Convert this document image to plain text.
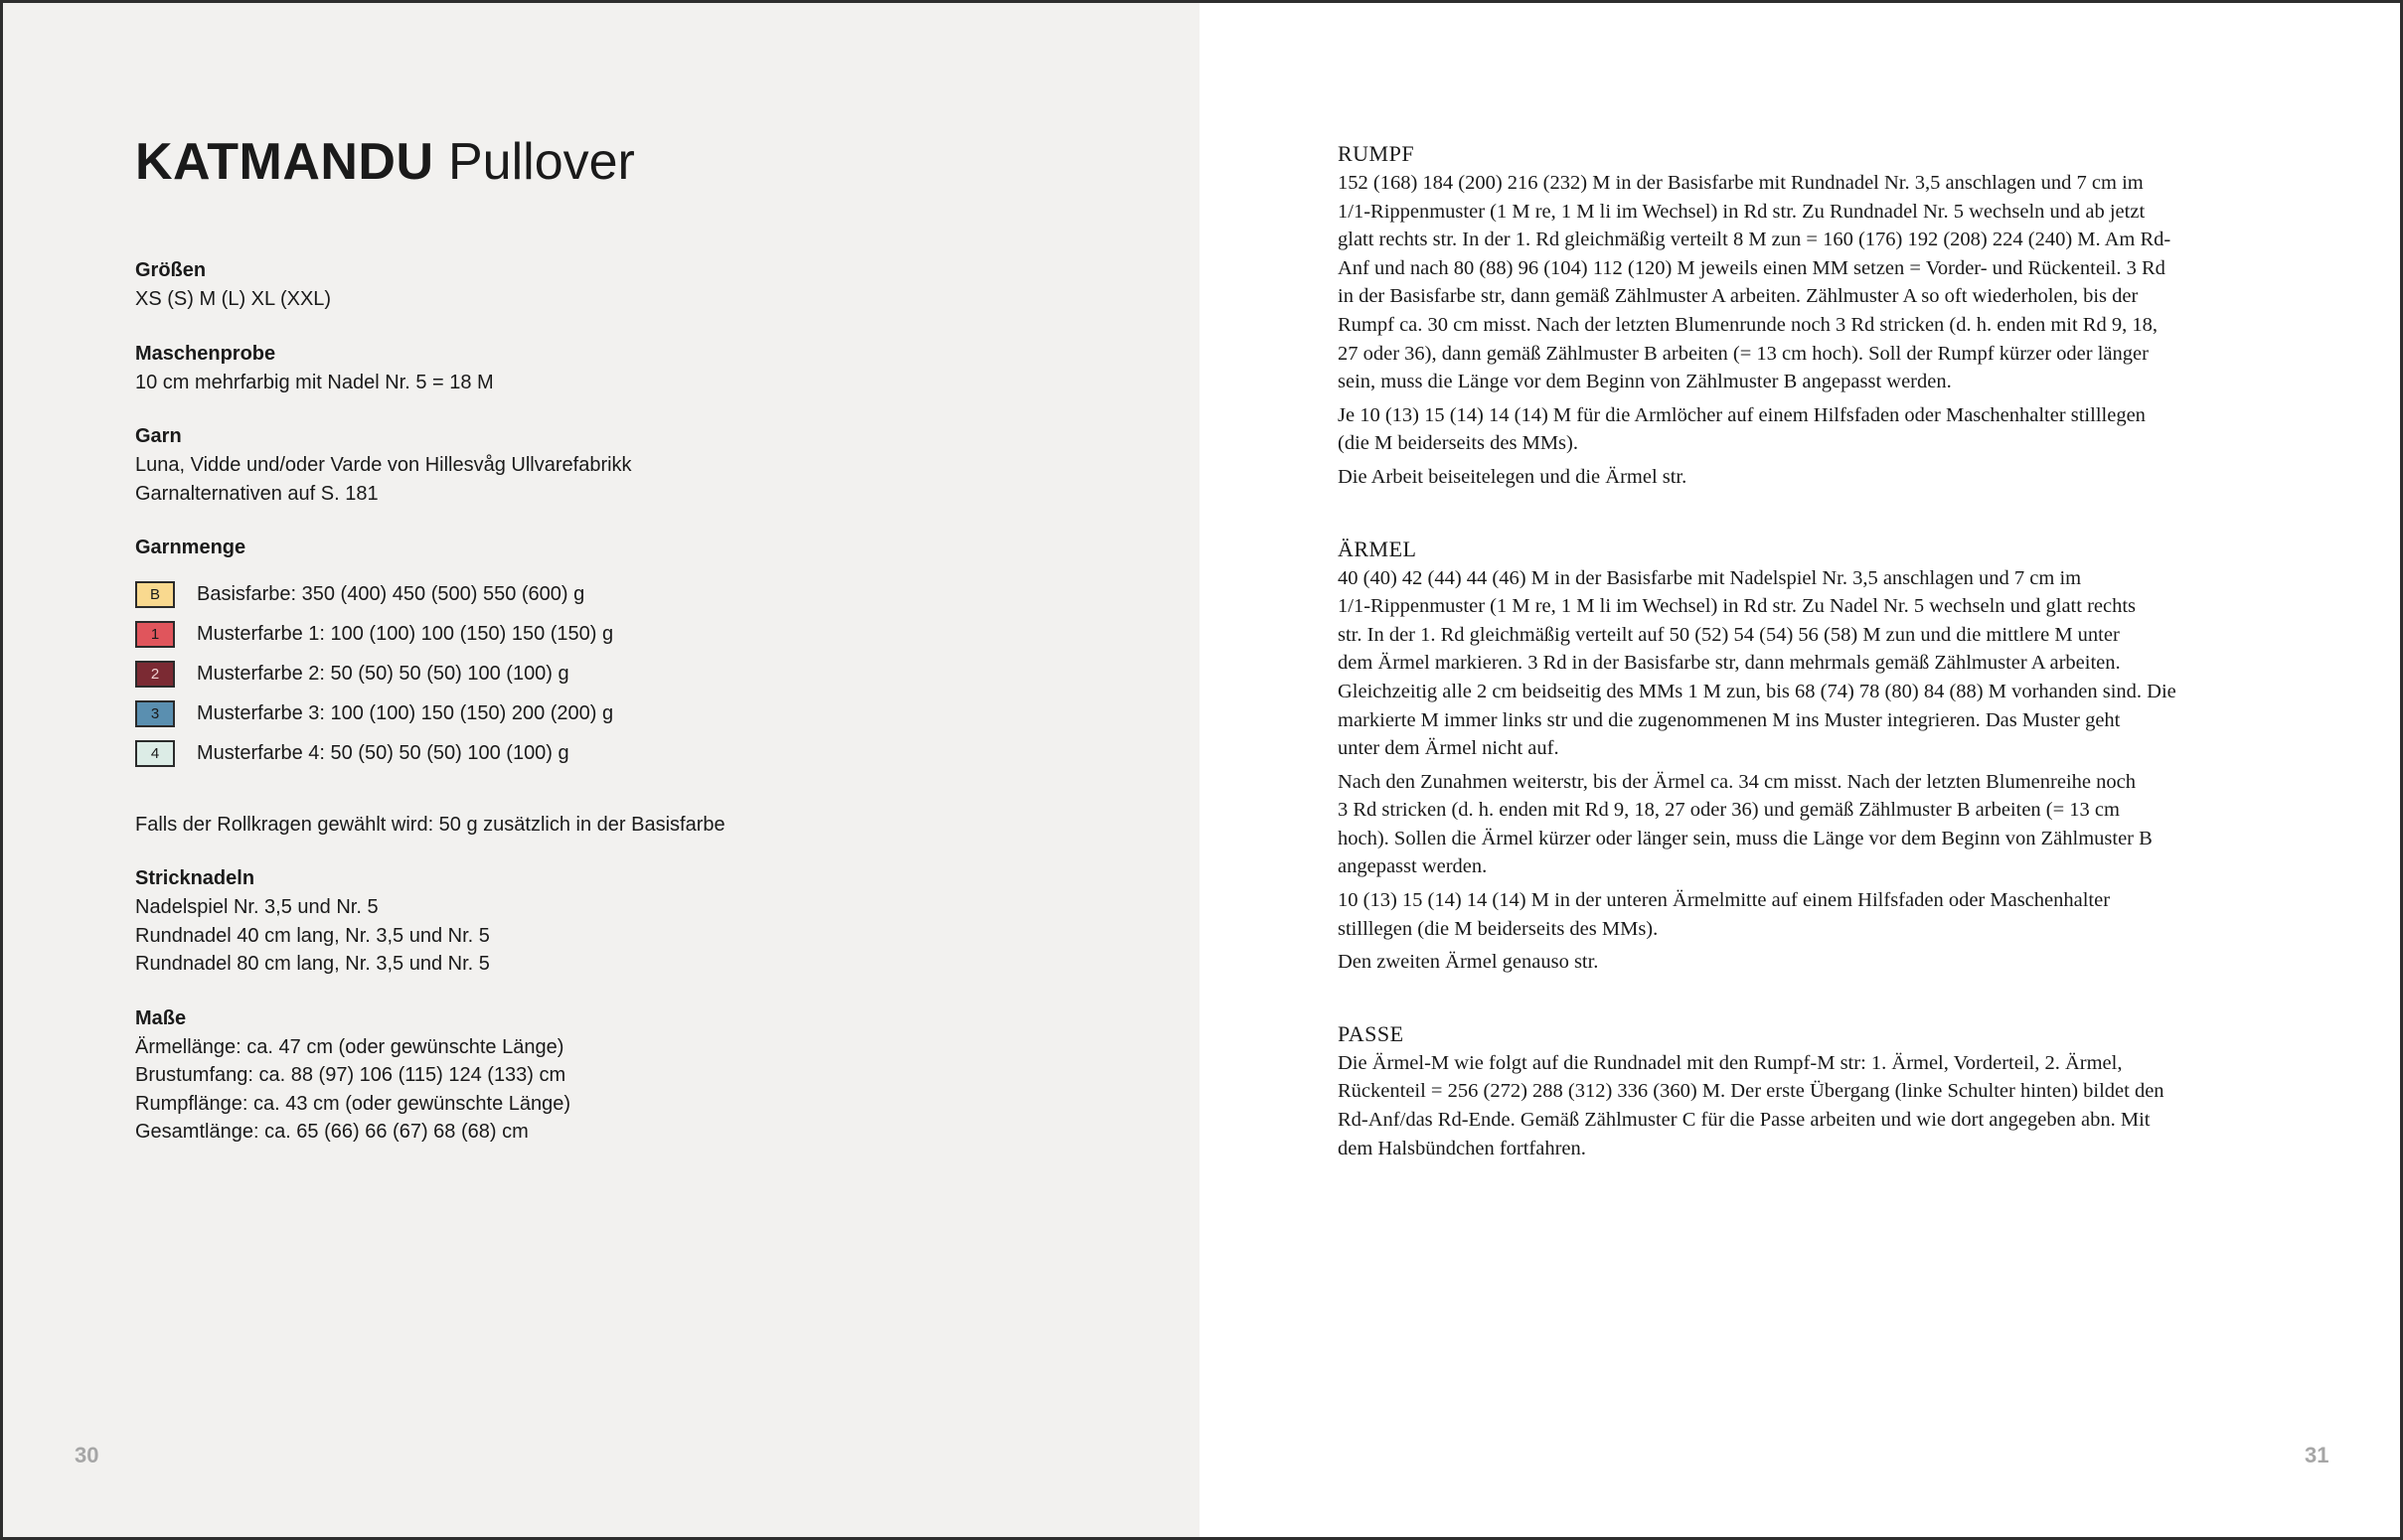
KATMANDU Pullover
Größen
XS (S) M (L) XL (XXL)
Maschenprobe
10 cm mehrfarbig mit Nadel Nr. 5 = 18 M
Garn
Luna, Vidde und/oder Varde von Hillesvåg Ullvarefabrikk
Garnalternativen auf S. 181
Garnmenge
B	Basisfarbe: 350 (400) 450 (500) 550 (600) g
1	Musterfarbe 1: 100 (100) 100 (150) 150 (150) g
2	Musterfarbe 2: 50 (50) 50 (50) 100 (100) g
3	Musterfarbe 3: 100 (100) 150 (150) 200 (200) g
4	Musterfarbe 4: 50 (50) 50 (50) 100 (100) g
Falls der Rollkragen gewählt wird: 50 g zusätzlich in der Basisfarbe
Stricknadeln
Nadelspiel Nr. 3,5 und Nr. 5
Rundnadel 40 cm lang, Nr. 3,5 und Nr. 5
Rundnadel 80 cm lang, Nr. 3,5 und Nr. 5
Maße
Ärmellänge: ca. 47 cm (oder gewünschte Länge)
Brustumfang: ca. 88 (97) 106 (115) 124 (133) cm
Rumpflänge: ca. 43 cm (oder gewünschte Länge)
Gesamtlänge: ca. 65 (66) 66 (67) 68 (68) cm
30
RUMPF

152 (168) 184 (200) 216 (232) M in der Basisfarbe mit Rundnadel Nr. 3,5 anschlagen und 7 cm im
1/1-Rippenmuster (1 M re, 1 M li im Wechsel) in Rd str. Zu Rundnadel Nr. 5 wechseln und ab jetzt
glatt rechts str. In der 1. Rd gleichmäßig verteilt 8 M zun = 160 (176) 192 (208) 224 (240) M. Am Rd-
Anf und nach 80 (88) 96 (104) 112 (120) M jeweils einen MM setzen = Vorder- und Rückenteil. 3 Rd
in der Basisfarbe str, dann gemäß Zählmuster A arbeiten. Zählmuster A so oft wiederholen, bis der
Rumpf ca. 30 cm misst. Nach der letzten Blumenrunde noch 3 Rd stricken (d. h. enden mit Rd 9, 18,
27 oder 36), dann gemäß Zählmuster B arbeiten (= 13 cm hoch). Soll der Rumpf kürzer oder länger
sein, muss die Länge vor dem Beginn von Zählmuster B angepasst werden.

Je 10 (13) 15 (14) 14 (14) M für die Armlöcher auf einem Hilfsfaden oder Maschenhalter stilllegen
(die M beiderseits des MMs).

Die Arbeit beiseitelegen und die Ärmel str.

ÄRMEL

40 (40) 42 (44) 44 (46) M in der Basisfarbe mit Nadelspiel Nr. 3,5 anschlagen und 7 cm im
1/1-Rippenmuster (1 M re, 1 M li im Wechsel) in Rd str. Zu Nadel Nr. 5 wechseln und glatt rechts
str. In der 1. Rd gleichmäßig verteilt auf 50 (52) 54 (54) 56 (58) M zun und die mittlere M unter
dem Ärmel markieren. 3 Rd in der Basisfarbe str, dann mehrmals gemäß Zählmuster A arbeiten.
Gleichzeitig alle 2 cm beidseitig des MMs 1 M zun, bis 68 (74) 78 (80) 84 (88) M vorhanden sind. Die
markierte M immer links str und die zugenommenen M ins Muster integrieren. Das Muster geht
unter dem Ärmel nicht auf.

Nach den Zunahmen weiterstr, bis der Ärmel ca. 34 cm misst. Nach der letzten Blumenreihe noch
3 Rd stricken (d. h. enden mit Rd 9, 18, 27 oder 36) und gemäß Zählmuster B arbeiten (= 13 cm
hoch). Sollen die Ärmel kürzer oder länger sein, muss die Länge vor dem Beginn von Zählmuster B
angepasst werden.

10 (13) 15 (14) 14 (14) M in der unteren Ärmelmitte auf einem Hilfsfaden oder Maschenhalter
stilllegen (die M beiderseits des MMs).

Den zweiten Ärmel genauso str.

PASSE

Die Ärmel-M wie folgt auf die Rundnadel mit den Rumpf-M str: 1. Ärmel, Vorderteil, 2. Ärmel,
Rückenteil = 256 (272) 288 (312) 336 (360) M. Der erste Übergang (linke Schulter hinten) bildet den
Rd-Anf/das Rd-Ende. Gemäß Zählmuster C für die Passe arbeiten und wie dort angegeben abn. Mit
dem Halsbündchen fortfahren.

31
